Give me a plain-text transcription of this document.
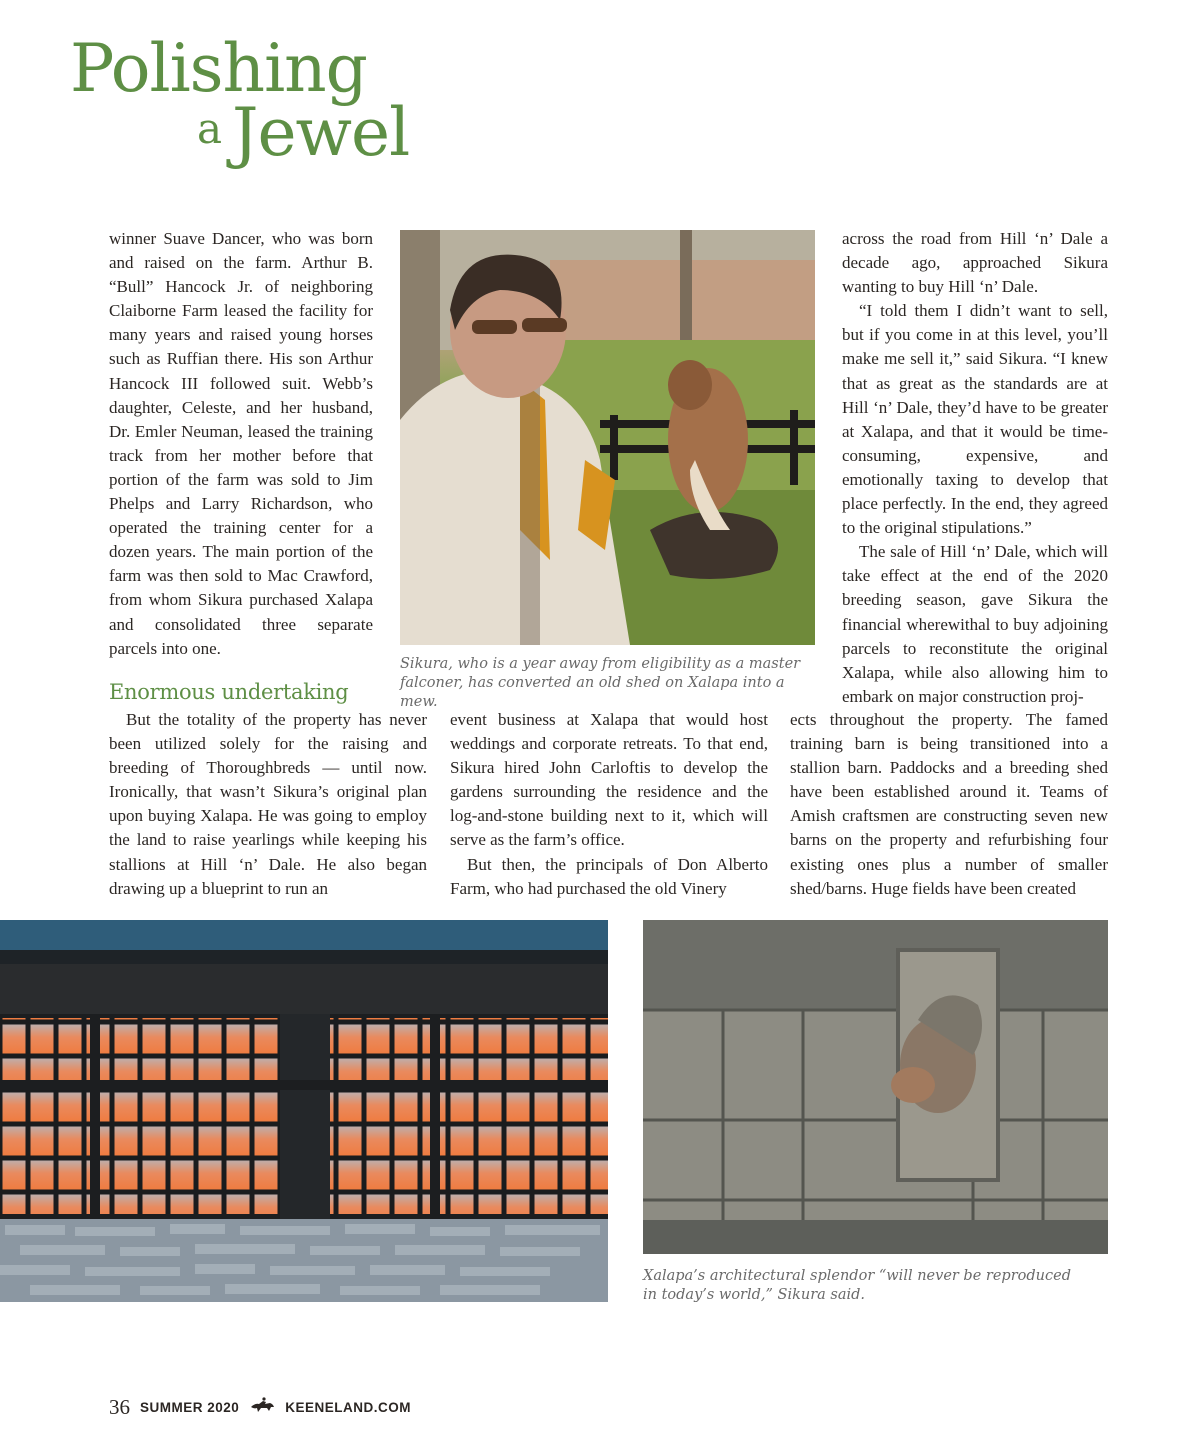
Polishing
a Jewel

winner Suave Dancer, who was born and raised on the farm. Arthur B. “Bull” Hancock Jr. of neighboring Claiborne Farm leased the facility for many years and raised young horses such as Ruffian there. His son Arthur Hancock III followed suit. Webb’s daughter, Celeste, and her husband, Dr. Emler Neuman, leased the training track from her mother before that portion of the farm was sold to Jim Phelps and Larry Richardson, who operated the training center for a dozen years. The main portion of the farm was then sold to Mac Crawford, from whom Sikura purchased Xalapa and consolidated three separate parcels into one.

Sikura, who is a year away from eligibility as a master
falconer, has converted an old shed on Xalapa into a mew.

across the road from Hill ‘n’ Dale a decade ago, approached Sikura wanting to buy Hill ‘n’ Dale.

“I told them I didn’t want to sell, but if you come in at this level, you’ll make me sell it,” said Sikura. “I knew that as great as the standards are at Hill ‘n’ Dale, they’d have to be greater at Xalapa, and that it would be time-consuming, expensive, and emotionally taxing to develop that place perfectly. In the end, they agreed to the original stipulations.”

The sale of Hill ‘n’ Dale, which will take effect at the end of the 2020 breeding season, gave Sikura the financial wherewithal to buy adjoining parcels to reconstitute the original Xalapa, while also allowing him to embark on major construction proj-

Enormous undertaking

But the totality of the property has never been utilized solely for the raising and breeding of Thoroughbreds — until now. Ironically, that wasn’t Sikura’s original plan upon buying Xalapa. He was going to employ the land to raise yearlings while keeping his stallions at Hill ‘n’ Dale. He also began drawing up a blueprint to run an

event business at Xalapa that would host weddings and corporate retreats. To that end, Sikura hired John Carloftis to develop the gardens surrounding the residence and the log-and-stone building next to it, which will serve as the farm’s office.

But then, the principals of Don Alberto Farm, who had purchased the old Vinery

ects throughout the property. The famed training barn is being transitioned into a stallion barn. Paddocks and a breeding shed have been established around it. Teams of Amish craftsmen are constructing seven new barns on the property and refurbishing four existing ones plus a number of smaller shed/barns. Huge fields have been created

Xalapa’s architectural splendor “will never be reproduced
in today’s world,” Sikura said.
36 SUMMER 2020	KEENELAND.COM
